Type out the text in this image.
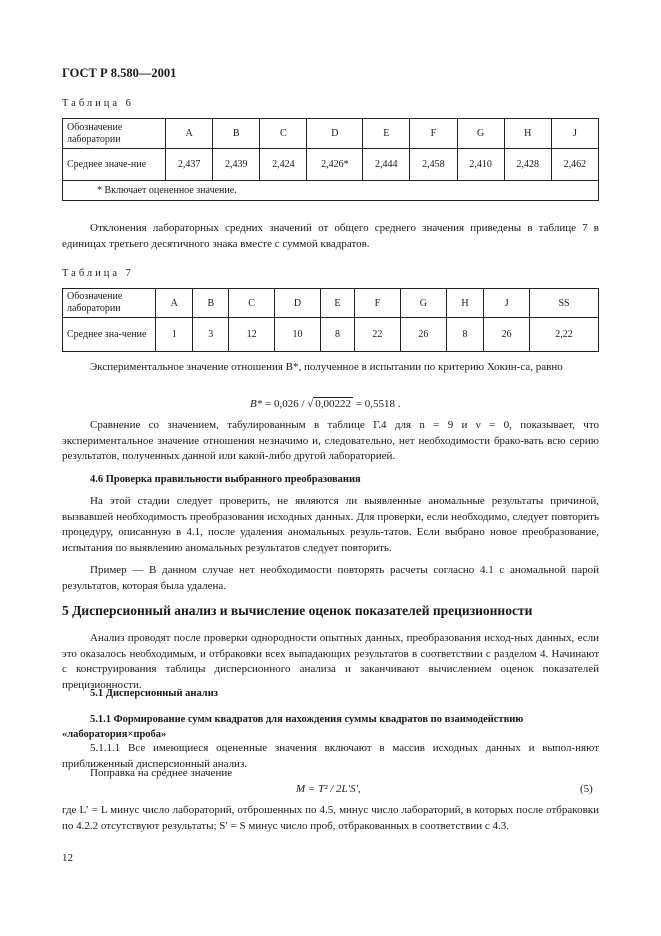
ГОСТ Р 8.580—2001
Таблица 6
Обозначение лаборатории	A	B	C	D	E	F	G	H	J
Среднее значе-ние	2,437	2,439	2,424	2,426*	2,444	2,458	2,410	2,428	2,462
* Включает оцененное значение.									

Отклонения лабораторных средних значений от общего среднего значения приведены в таблице 7 в единицах третьего десятичного знака вместе с суммой квадратов.

Таблица 7
Обозначение лаборатории	A	B	C	D	E	F	G	H	J	SS
Среднее зна-чение	1	3	12	10	8	22	26	8	26	2,22

Экспериментальное значение отношения B*, полученное в испытании по критерию Хокин-са, равно

B* = 0,026 / √ 0,00222 = 0,5518 .

Сравнение со значением, табулированным в таблице Г.4 для n = 9 и ν = 0, показывает, что экспериментальное значение отношения незначимо и, следовательно, нет необходимости брако-вать всю серию результатов, полученных данной или какой-либо другой лабораторией.

4.6 Проверка правильности выбранного преобразования

На этой стадии следует проверить, не являются ли выявленные аномальные результаты причиной, вызвавшей необходимость преобразования исходных данных. Для проверки, если необходимо, следует повторить процедуру, описанную в 4.1, после удаления аномальных резуль-татов. Если выбрано новое преобразование, испытания по выявлению аномальных результатов следует повторить.

Пример — В данном случае нет необходимости повторять расчеты согласно 4.1 с аномальной парой результатов, которая была удалена.

5 Дисперсионный анализ и вычисление оценок показателей прецизионности

Анализ проводят после проверки однородности опытных данных, преобразования исход-ных данных, если это оказалось необходимым, и отбраковки всех выпадающих результатов в соответствии с разделом 4. Начинают с конструирования таблицы дисперсионного анализа и заканчивают вычислением оценок показателей прецизионности.

5.1 Дисперсионный анализ

5.1.1 Формирование сумм квадратов для нахождения суммы квадратов по взаимодействию «лаборатория×проба»

5.1.1.1 Все имеющиеся оцененные значения включают в массив исходных данных и выпол-няют приближенный дисперсионный анализ.

Поправка на среднее значение

M = T² / 2L′S′,	(5)

где L′ = L минус число лабораторий, отброшенных по 4.5, минус число лабораторий, в которых после отбраковки по 4.2.2 отсутствуют результаты; S′ = S минус число проб, отбракованных в соответствии с 4.3.

12
